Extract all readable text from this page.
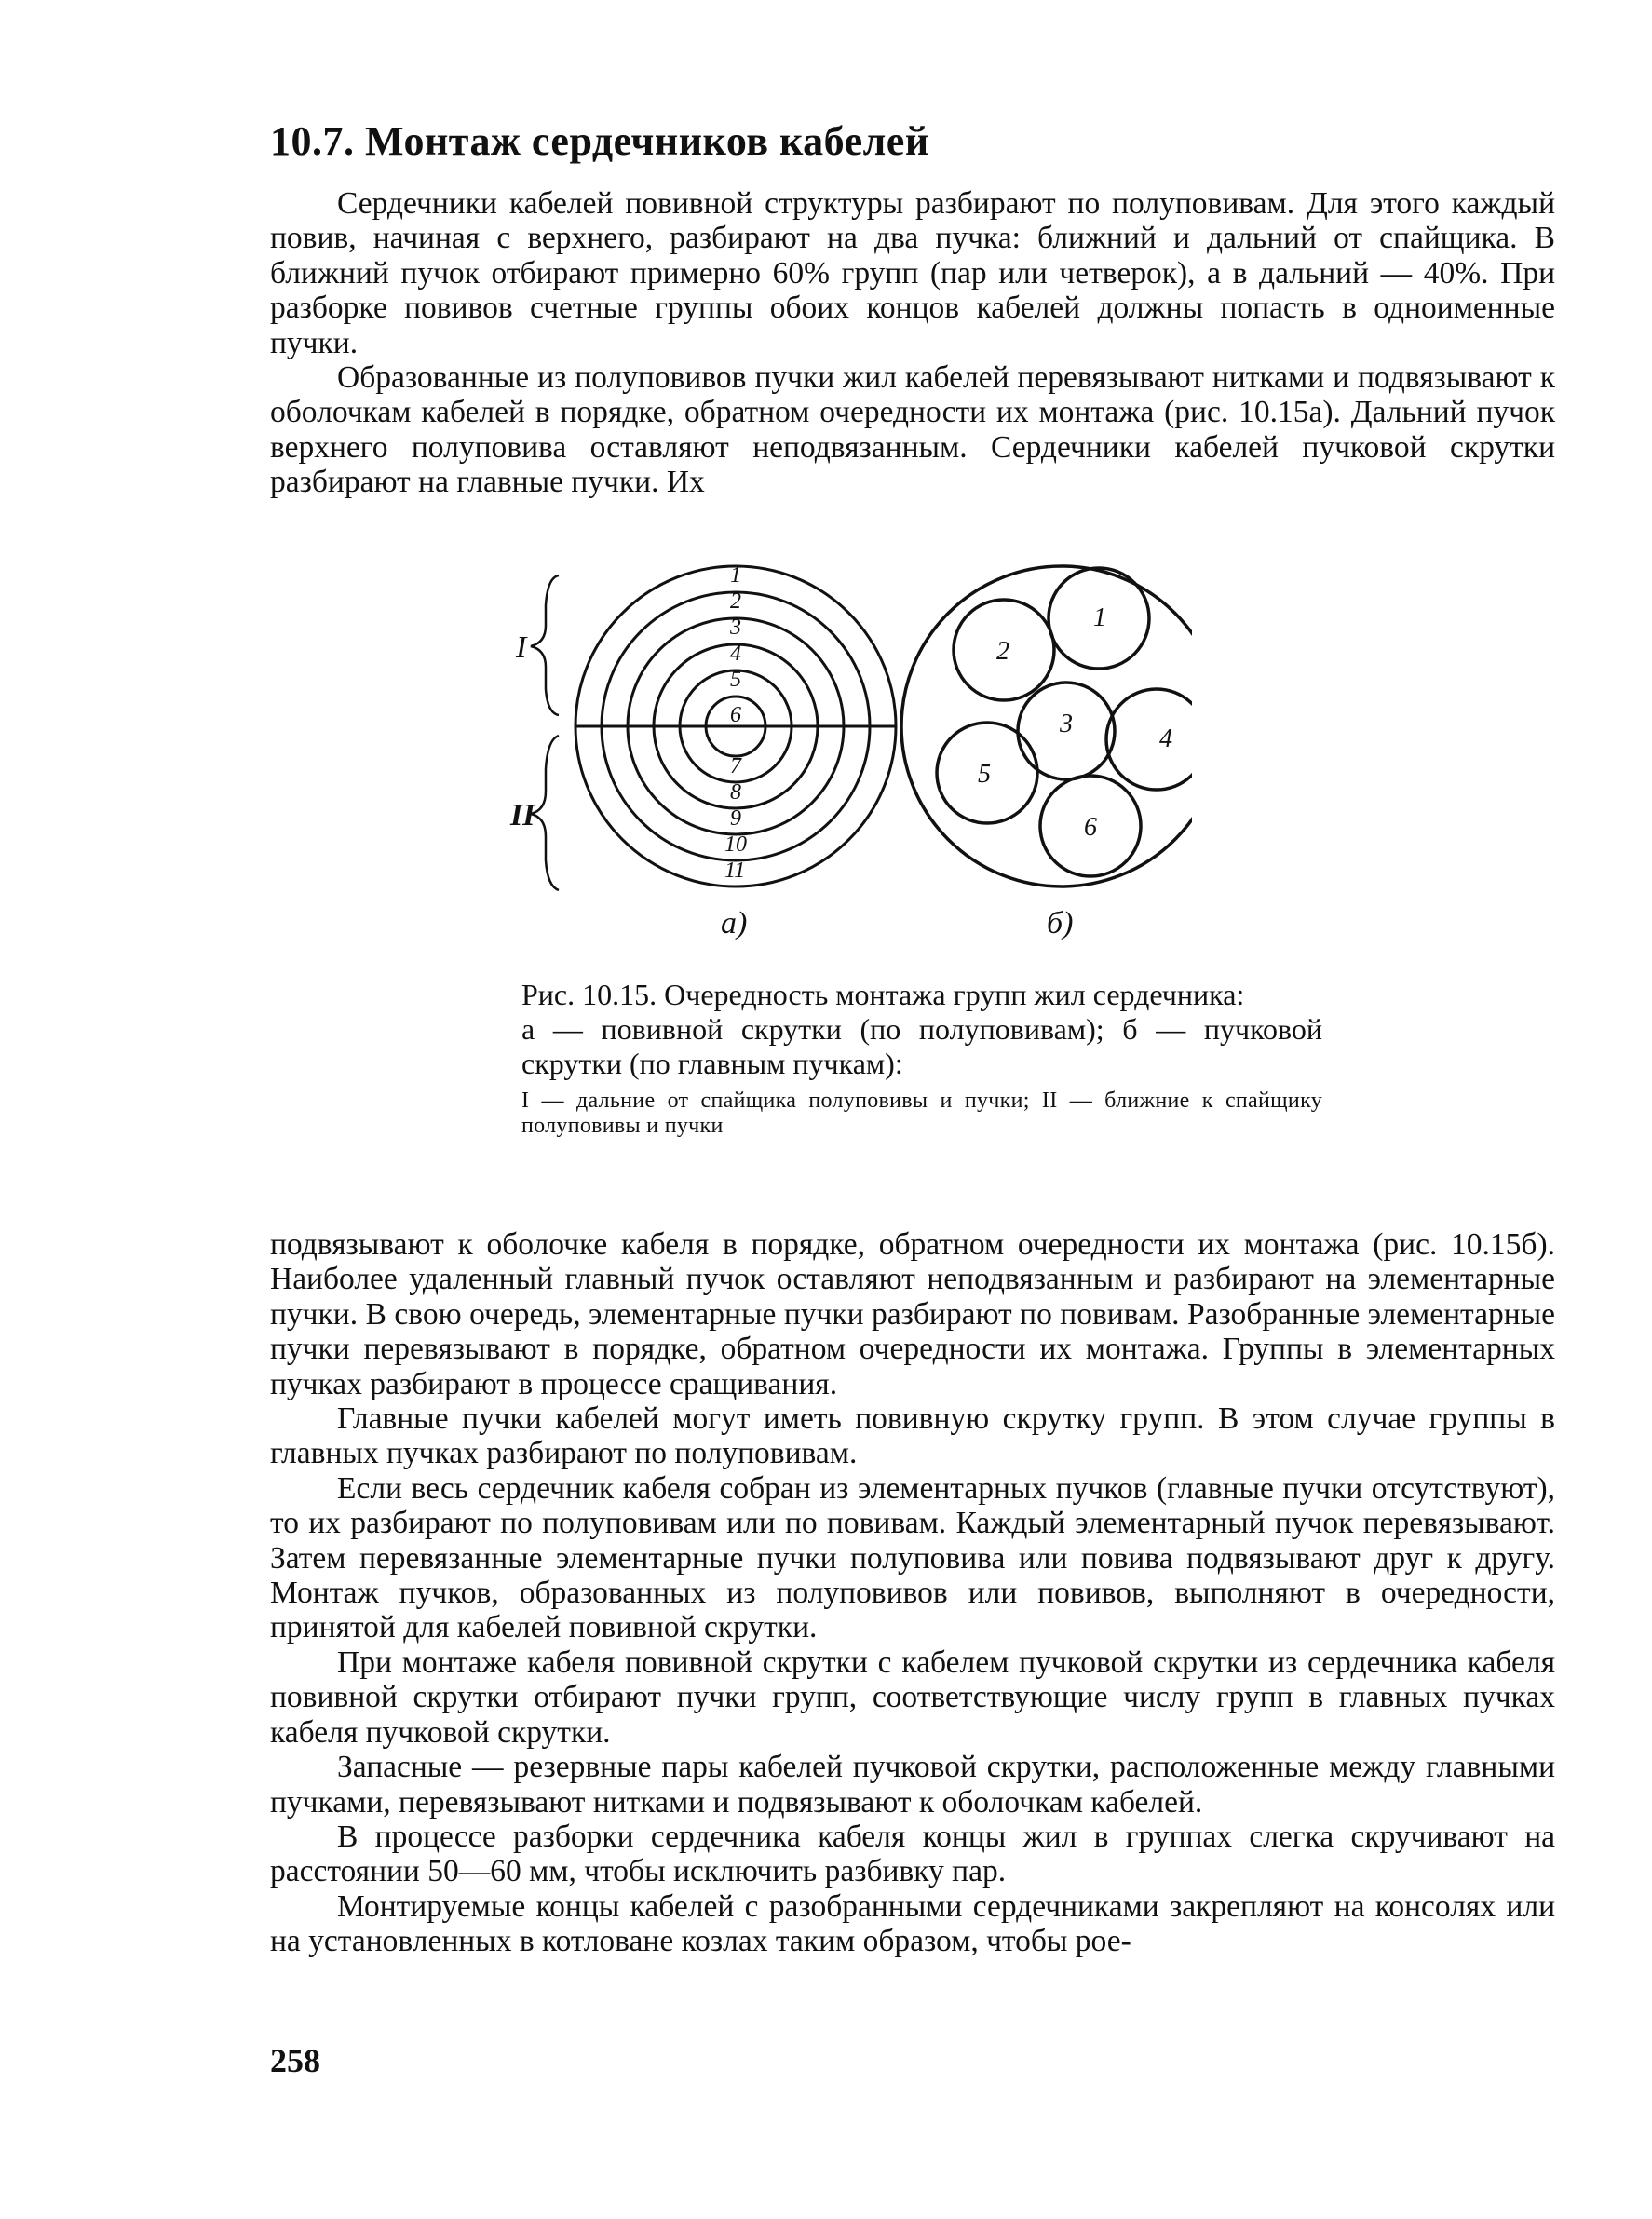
10.7. Монтаж сердечников кабелей

Сердечники кабелей повивной структуры разбирают по полуповивам. Для этого каждый повив, начиная с верхнего, разбирают на два пучка: ближний и дальний от спайщика. В ближний пучок отбирают примерно 60% групп (пар или четверок), а в дальний — 40%. При разборке повивов счетные группы обоих концов кабелей должны попасть в одноименные пучки.

Образованные из полуповивов пучки жил кабелей перевязывают нитками и подвязывают к оболочкам кабелей в порядке, обратном очередности их монтажа (рис. 10.15а). Дальний пучок верхнего полуповива оставляют неподвязанным. Сердечники кабелей пучковой скрутки разбирают на главные пучки. Их

1
2
3
4
5
6
7
8
9
10
11
I
II
а)
1
2
3
4
5
6
б)

Рис. 10.15. Очередность монтажа групп жил сердечника:

а — повивной скрутки (по полуповивам); б — пучковой скрутки (по главным пучкам):

I — дальние от спайщика полуповивы и пучки; II — ближние к спайщику полуповивы и пучки

подвязывают к оболочке кабеля в порядке, обратном очередности их монтажа (рис. 10.15б). Наиболее удаленный главный пучок оставляют неподвязанным и разбирают на элементарные пучки. В свою очередь, элементарные пучки разбирают по повивам. Разобранные элементарные пучки перевязывают в порядке, обратном очередности их монтажа. Группы в элементарных пучках разбирают в процессе сращивания.

Главные пучки кабелей могут иметь повивную скрутку групп. В этом случае группы в главных пучках разбирают по полуповивам.

Если весь сердечник кабеля собран из элементарных пучков (главные пучки отсутствуют), то их разбирают по полуповивам или по повивам. Каждый элементарный пучок перевязывают. Затем перевязанные элементарные пучки полуповива или повива подвязывают друг к другу. Монтаж пучков, образованных из полуповивов или повивов, выполняют в очередности, принятой для кабелей повивной скрутки.

При монтаже кабеля повивной скрутки с кабелем пучковой скрутки из сердечника кабеля повивной скрутки отбирают пучки групп, соответствующие числу групп в главных пучках кабеля пучковой скрутки.

Запасные — резервные пары кабелей пучковой скрутки, расположенные между главными пучками, перевязывают нитками и подвязывают к оболочкам кабелей.

В процессе разборки сердечника кабеля концы жил в группах слегка скручивают на расстоянии 50—60 мм, чтобы исключить разбивку пар.

Монтируемые концы кабелей с разобранными сердечниками закрепляют на консолях или на установленных в котловане козлах таким образом, чтобы рое-

258
